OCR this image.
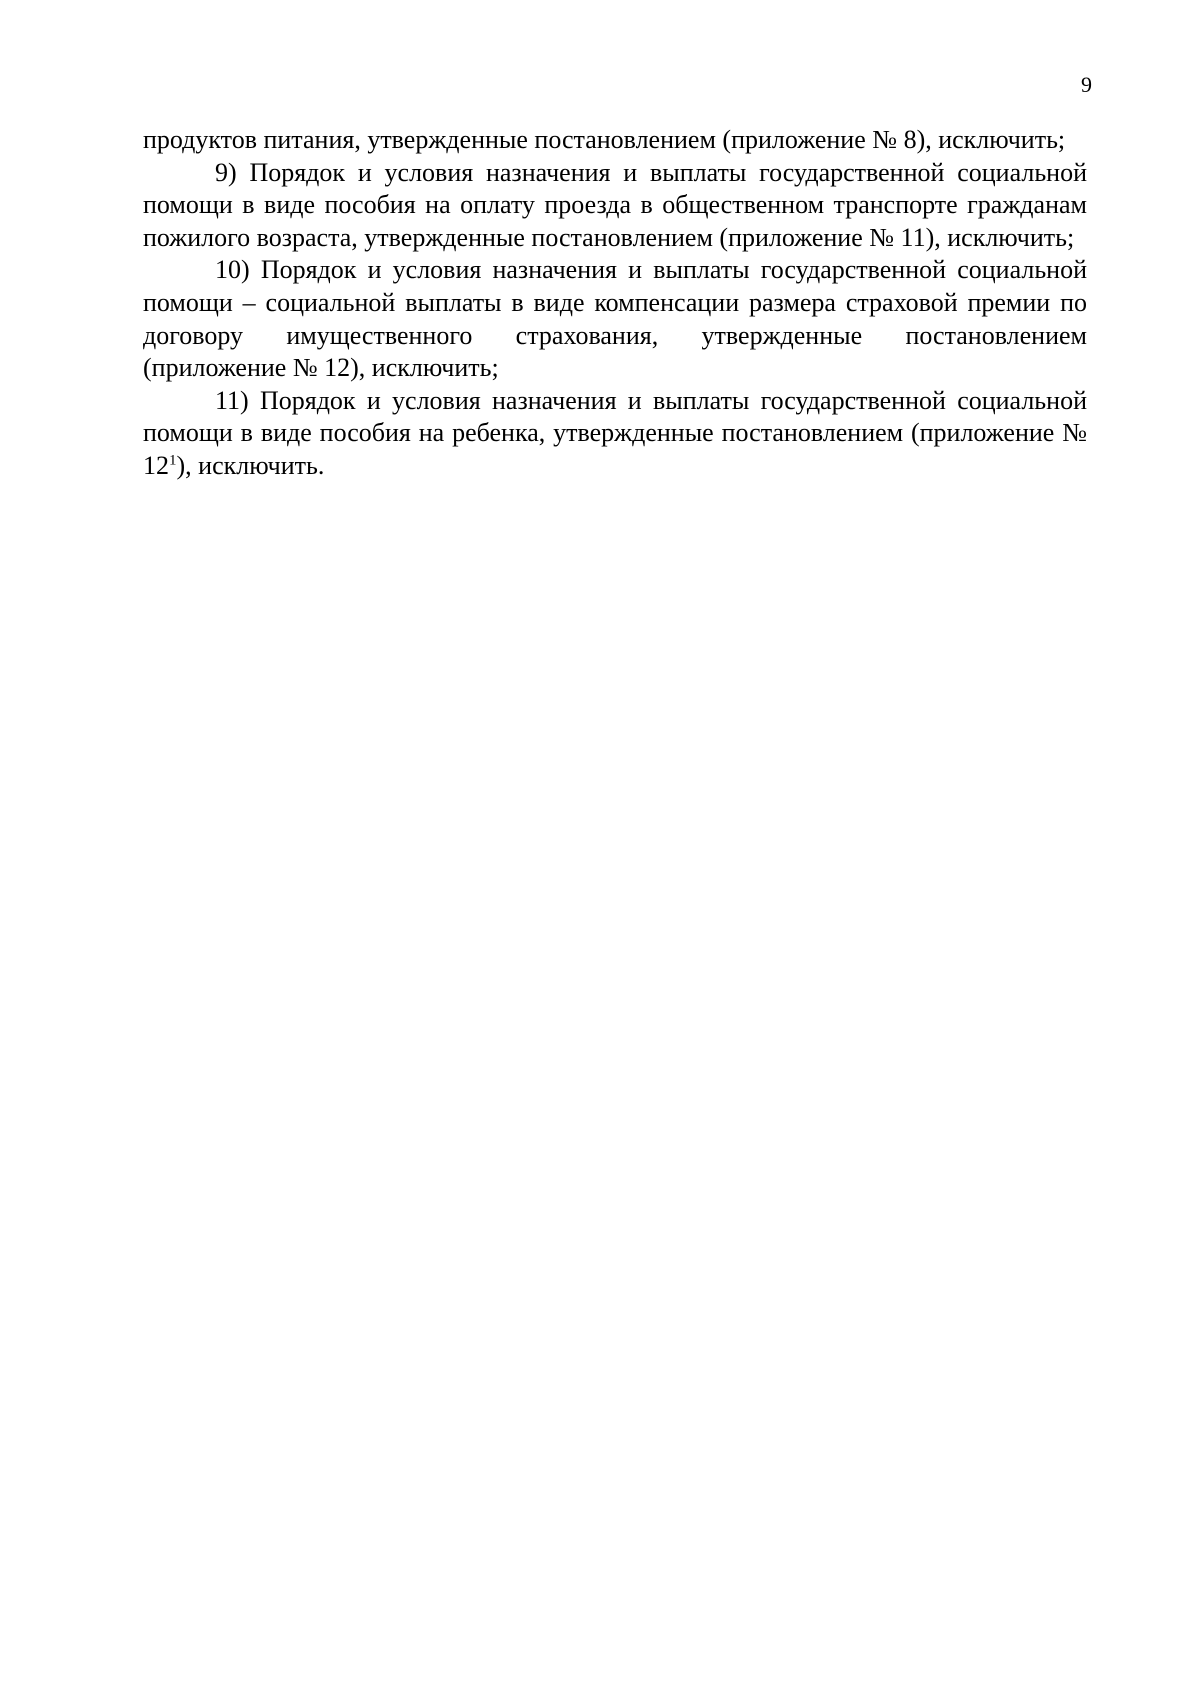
9

продуктов питания, утвержденные постановлением (приложение № 8), исключить;

9) Порядок и условия назначения и выплаты государственной социальной помощи в виде пособия на оплату проезда в общественном транспорте гражданам пожилого возраста, утвержденные постановлением (приложение № 11), исключить;

10) Порядок и условия назначения и выплаты государственной социальной помощи – социальной выплаты в виде компенсации размера страховой премии по договору имущественного страхования, утвержденные постановлением (приложение № 12), исключить;

11) Порядок и условия назначения и выплаты государственной социальной помощи в виде пособия на ребенка, утвержденные постановлением (приложение № $12^1$), исключить.
